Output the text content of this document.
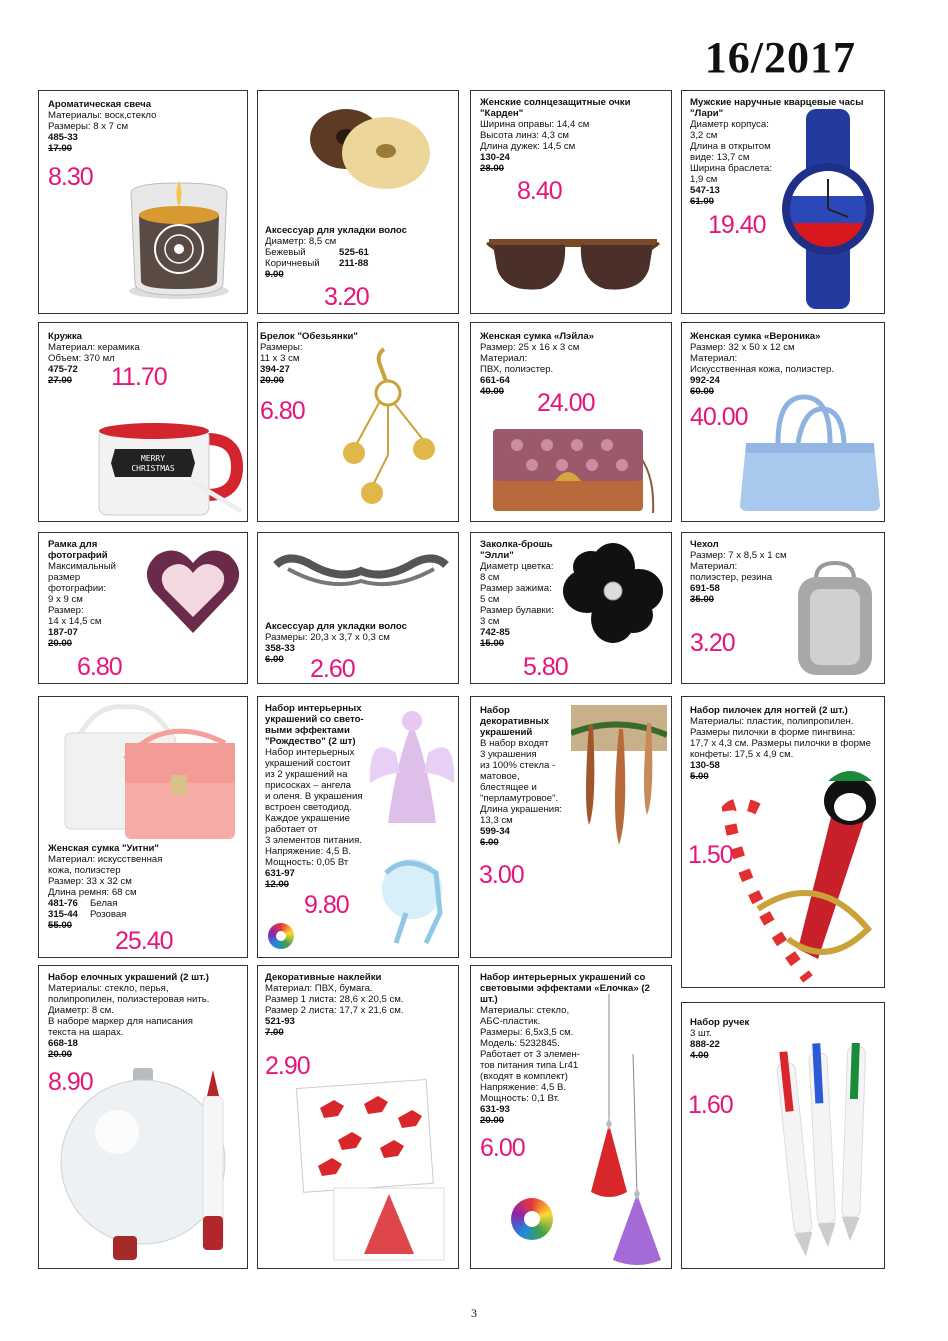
16/2017
Ароматическая свеча
Материалы: воск,стекло
Размеры: 8 х 7 см
485-33
17.00
8.30
Аксессуар для укладки волос
Диаметр: 8,5 см
Бежевый	525-61
Коричневый	211-88
9.00
3.20
Женские солнцезащитные очки "Карден"
Ширина оправы: 14,4 см
Высота линз: 4,3 см
Длина дужек: 14,5 см
130-24
28.00
8.40
Мужские наручные кварцевые часы "Лари"
Диаметр корпуса:
3,2 см
Длина в открытом
виде: 13,7 см
Ширина браслета:
1,9 см
547-13
61.00
19.40
Кружка
Материал: керамика
Объем: 370 мл
475-72
27.00	11.70
MERRY
CHRISTMAS
Брелок "Обезьянки"
Размеры:
11 х 3 см
394-27
20.00
6.80
Женская сумка «Лэйла»
Размер: 25 х 16 х 3 см
Материал:
ПВХ, полиэстер.
661-64
40.00	24.00
Женская сумка «Вероника»
Размер: 32 х 50 х 12 см
Материал:
Искусственная кожа, полиэстер.
992-24
60.00
40.00
Рамка для фотографий
Максимальный
размер
фотографии:
9 х 9 см
Размер:
14 х 14,5 см
187-07
20.00
6.80
Аксессуар для укладки волос
Размеры: 20,3 х 3,7 х 0,3 см
358-33
6.00	2.60
Заколка-брошь "Элли"
Диаметр цветка:
8 см
Размер зажима:
5 см
Размер булавки:
3 см
742-85
15.00
5.80
Чехол
Размер: 7 х 8,5 х 1 см
Материал:
полиэстер, резина
691-58
35.00
3.20
Женская сумка "Уитни"
Материал: искусственная
кожа, полиэстер
Размер: 33 х 32 см
Длина ремня: 68 см
481-76	Белая
315-44	Розовая
55.00
25.40
Набор интерьерных украшений со свето-выми эффектами "Рождество" (2 шт)
Набор интерьерных
украшений состоит
из 2 украшений на
присосках – ангела
и оленя. В украшения
встроен светодиод.
Каждое украшение
работает от
3 элементов питания.
Напряжение: 4,5 В.
Мощность: 0,05 Вт
631-97
12.00
9.80
Набор декоративных украшений
В набор входят
3 украшения
из 100% стекла -
матовое,
блестящее и
"перламутровое".
Длина украшения:
13,3 см
599-34
6.00
3.00
Набор пилочек для ногтей (2 шт.)
Материалы: пластик, полипропилен.
Размеры пилочки в форме пингвина:
17,7 х 4,3 см. Размеры пилочки в форме
конфеты: 17,5 х 4,9 см.
130-58
5.00
1.50
Набор елочных украшений (2 шт.)
Материалы: стекло, перья,
полипропилен, полиэстеровая нить.
Диаметр: 8 см.
В наборе маркер для написания
текста на шарах.
668-18
20.00
8.90
Декоративные наклейки
Материал: ПВХ, бумага.
Размер 1 листа: 28,6 х 20,5 см.
Размер 2 листа: 17,7 х 21,6 см.
521-93
7.00
2.90
Набор интерьерных украшений со световыми эффектами «Елочка» (2 шт.)
Материалы: стекло,
АБС-пластик.
Размеры: 6,5х3,5 см.
Модель: 5232845.
Работает от 3 элемен-
тов питания типа Lr41
(входят в комплект)
Напряжение: 4,5 В.
Мощность: 0,1 Вт.
631-93
20.00
6.00
Набор ручек
3 шт.
888-22
4.00
1.60
3
